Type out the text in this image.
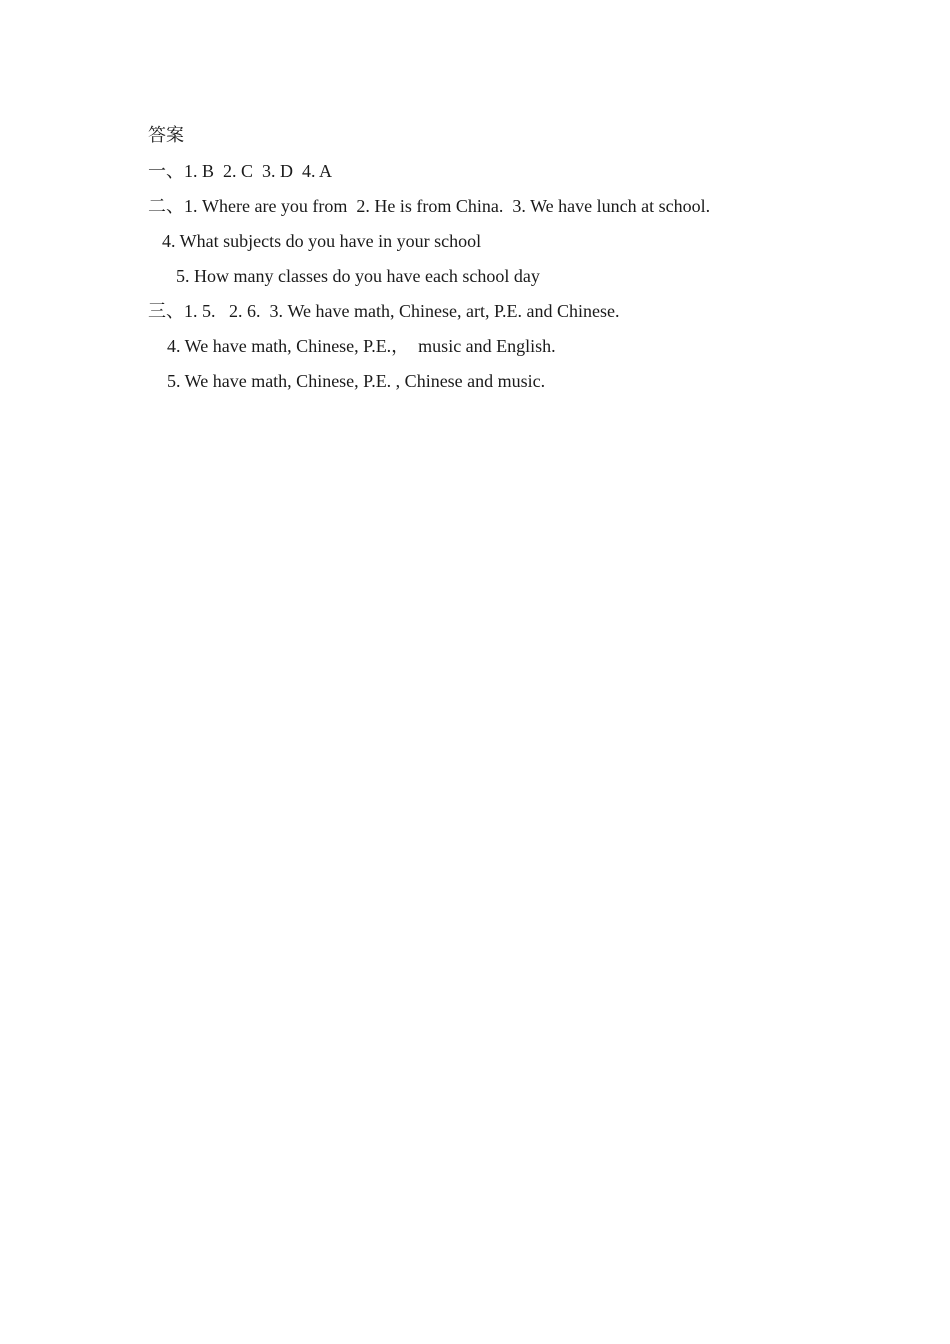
答案
一、1. B  2. C  3. D  4. A
二、1. Where are you from  2. He is from China.  3. We have lunch at school.
4. What subjects do you have in your school
5. How many classes do you have each school day
三、1. 5.   2. 6.  3. We have math, Chinese, art, P.E. and Chinese.
4. We have math, Chinese, P.E.，  music and English.
5. We have math, Chinese, P.E. , Chinese and music.
